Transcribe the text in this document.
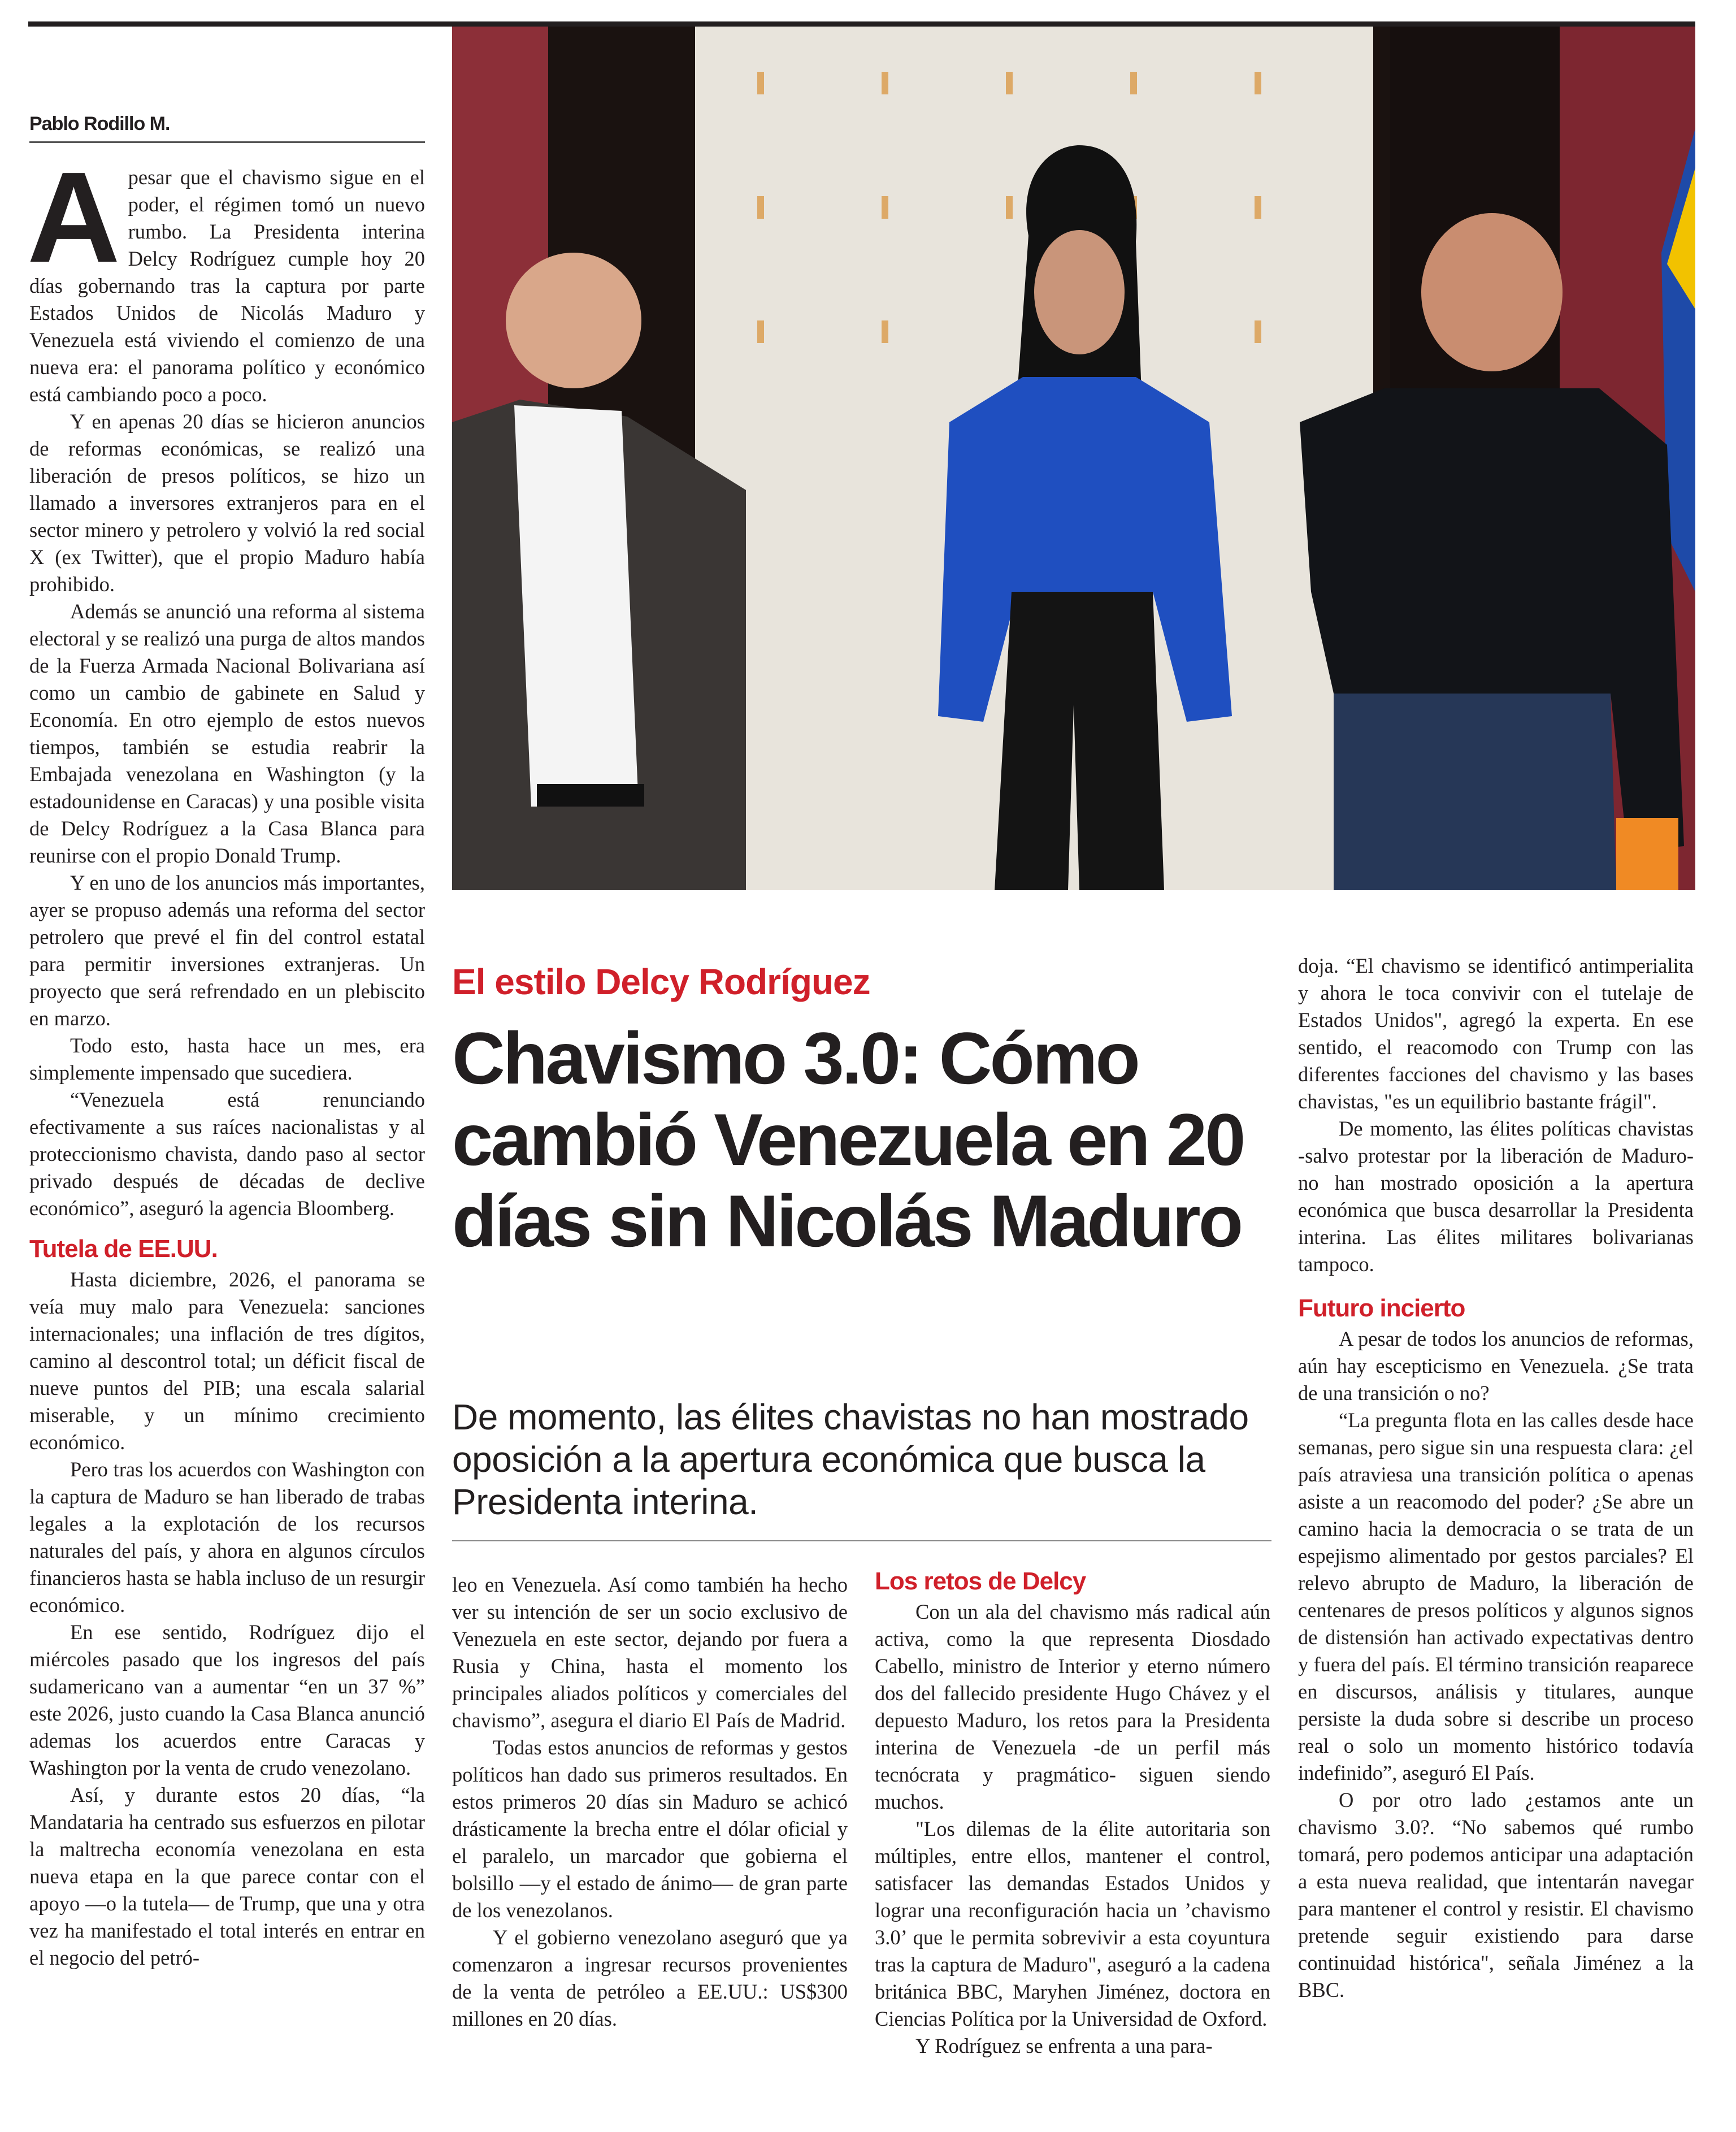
Pablo Rodillo M.

Apesar que el chavismo sigue en el poder, el régimen tomó un nuevo rumbo. La Presidenta interina Delcy Rodríguez cumple hoy 20 días gobernando tras la captura por parte Estados Unidos de Nicolás Maduro y Venezuela está viviendo el comienzo de una nueva era: el panorama político y económico está cambiando poco a poco.

Y en apenas 20 días se hicieron anuncios de reformas económicas, se realizó una liberación de presos políticos, se hizo un llamado a inversores extranjeros para en el sector minero y petrolero y volvió la red social X (ex Twitter), que el propio Maduro había prohibido.

Además se anunció una reforma al sistema electoral y se realizó una purga de altos mandos de la Fuerza Armada Nacional Bolivariana así como un cambio de gabinete en Salud y Economía. En otro ejemplo de estos nuevos tiempos, también se estudia reabrir la Embajada venezolana en Washington (y la estadounidense en Caracas) y una posible visita de Delcy Rodríguez a la Casa Blanca para reunirse con el propio Donald Trump.

Y en uno de los anuncios más importantes, ayer se propuso además una reforma del sector petrolero que prevé el fin del control estatal para permitir inversiones extranjeras. Un proyecto que será refrendado en un plebiscito en marzo.

Todo esto, hasta hace un mes, era simplemente impensado que sucediera.

“Venezuela está renunciando efectivamente a sus raíces nacionalistas y al proteccionismo chavista, dando paso al sector privado después de décadas de declive económico”, aseguró la agencia Bloomberg.

Tutela de EE.UU.

Hasta diciembre, 2026, el panorama se veía muy malo para Venezuela: sanciones internacionales; una inflación de tres dígitos, camino al descontrol total; un déficit fiscal de nueve puntos del PIB; una escala salarial miserable, y un mínimo crecimiento económico.

Pero tras los acuerdos con Washington con la captura de Maduro se han liberado de trabas legales a la explotación de los recursos naturales del país, y ahora en algunos círculos financieros hasta se habla incluso de un resurgir económico.

En ese sentido, Rodríguez dijo el miércoles pasado que los ingresos del país sudamericano van a aumentar “en un 37 %” este 2026, justo cuando la Casa Blanca anunció ademas los acuerdos entre Caracas y Washington por la venta de crudo venezolano.

Así, y durante estos 20 días, “la Mandataria ha centrado sus esfuerzos en pilotar la maltrecha economía venezolana en esta nueva etapa en la que parece contar con el apoyo —o la tutela— de Trump, que una y otra vez ha manifestado el total interés en entrar en el negocio del petró-

El estilo Delcy Rodríguez
Chavismo 3.0: Cómo cambió Venezuela en 20 días sin Nicolás Maduro
De momento, las élites chavistas no han mostrado oposición a la apertura económica que busca la Presidenta interina.

leo en Venezuela. Así como también ha hecho ver su intención de ser un socio exclusivo de Venezuela en este sector, dejando por fuera a Rusia y China, hasta el momento los principales aliados políticos y comerciales del chavismo”, asegura el diario El País de Madrid.

Todas estos anuncios de reformas y gestos políticos han dado sus primeros resultados. En estos primeros 20 días sin Maduro se achicó drásticamente la brecha entre el dólar oficial y el paralelo, un marcador que gobierna el bolsillo —y el estado de ánimo— de gran parte de los venezolanos.

Y el gobierno venezolano aseguró que ya comenzaron a ingresar recursos provenientes de la venta de petróleo a EE.UU.: US$300 millones en 20 días.

Los retos de Delcy

Con un ala del chavismo más radical aún activa, como la que representa Diosdado Cabello, ministro de Interior y eterno número dos del fallecido presidente Hugo Chávez y el depuesto Maduro, los retos para la Presidenta interina de Venezuela -de un perfil más tecnócrata y pragmático- siguen siendo muchos.

"Los dilemas de la élite autoritaria son múltiples, entre ellos, mantener el control, satisfacer las demandas Estados Unidos y lograr una reconfiguración hacia un ’chavismo 3.0’ que le permita sobrevivir a esta coyuntura tras la captura de Maduro", aseguró a la cadena británica BBC, Maryhen Jiménez, doctora en Ciencias Política por la Universidad de Oxford.

Y Rodríguez se enfrenta a una para-

doja. “El chavismo se identificó antimperialita y ahora le toca convivir con el tutelaje de Estados Unidos", agregó la experta. En ese sentido, el reacomodo con Trump con las diferentes facciones del chavismo y las bases chavistas, "es un equilibrio bastante frágil".

De momento, las élites políticas chavistas -salvo protestar por la liberación de Maduro- no han mostrado oposición a la apertura económica que busca desarrollar la Presidenta interina. Las élites militares bolivarianas tampoco.

Futuro incierto

A pesar de todos los anuncios de reformas, aún hay escepticismo en Venezuela. ¿Se trata de una transición o no?

“La pregunta flota en las calles desde hace semanas, pero sigue sin una respuesta clara: ¿el país atraviesa una transición política o apenas asiste a un reacomodo del poder? ¿Se abre un camino hacia la democracia o se trata de un espejismo alimentado por gestos parciales? El relevo abrupto de Maduro, la liberación de centenares de presos políticos y algunos signos de distensión han activado expectativas dentro y fuera del país. El término transición reaparece en discursos, análisis y titulares, aunque persiste la duda sobre si describe un proceso real o solo un momento histórico todavía indefinido”, aseguró El País.

O por otro lado ¿estamos ante un chavismo 3.0?. “No sabemos qué rumbo tomará, pero podemos anticipar una adaptación a esta nueva realidad, que intentarán navegar para mantener el control y resistir. El chavismo pretende seguir existiendo para darse continuidad histórica", señala Jiménez a la BBC.
